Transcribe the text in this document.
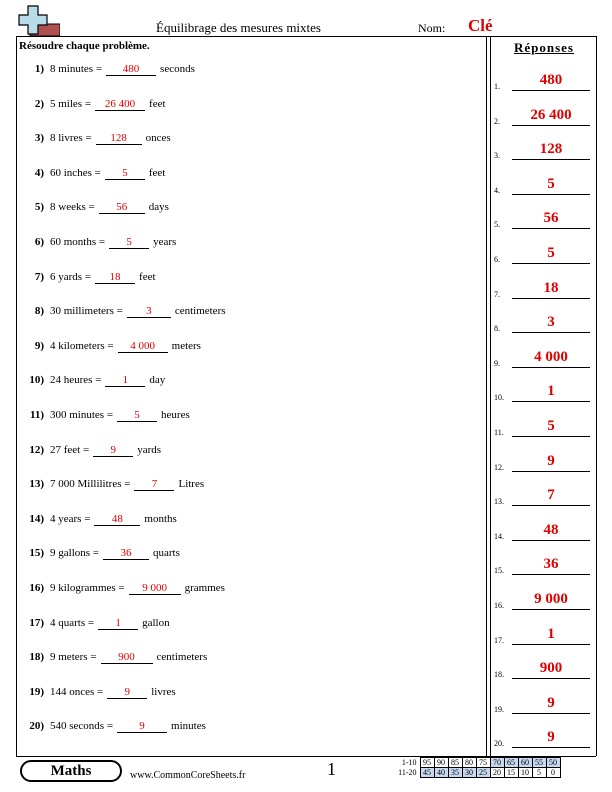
Équilibrage des mesures mixtes	Nom: Clé
Résoudre chaque problème.
1) 8 minutes =	480	seconds
2) 5 miles =	26 400	feet
3) 8 livres =	128	onces
4) 60 inches =	5	feet
5) 8 weeks =	56	days
6) 60 months =	5	years
7) 6 yards =	18	feet
8) 30 millimeters =	3	centimeters
9) 4 kilometers =	4 000	meters
10) 24 heures =	1	day
11) 300 minutes =	5	heures
12) 27 feet =	9	yards
13) 7 000 Millilitres =	7	Litres
14) 4 years =	48	months
15) 9 gallons =	36	quarts
16) 9 kilogrammes =	9 000	grammes
17) 4 quarts =	1	gallon
18) 9 meters =	900	centimeters
19) 144 onces =	9	livres
20) 540 seconds =	9	minutes
Réponses
1.	480
2.	26 400
3.	128
4.	5
5.	56
6.	5
7.	18
8.	3
9.	4 000
10.	1
11.	5
12.	9
13.	7
14.	48
15.	36
16.	9 000
17.	1
18.	900
19.	9
20.	9
Maths	www.CommonCoreSheets.fr	1	1-10	95	90	85	80	75	70	65	60	55	50
11-20	45	40	35	30	25	20	15	10	5	0
